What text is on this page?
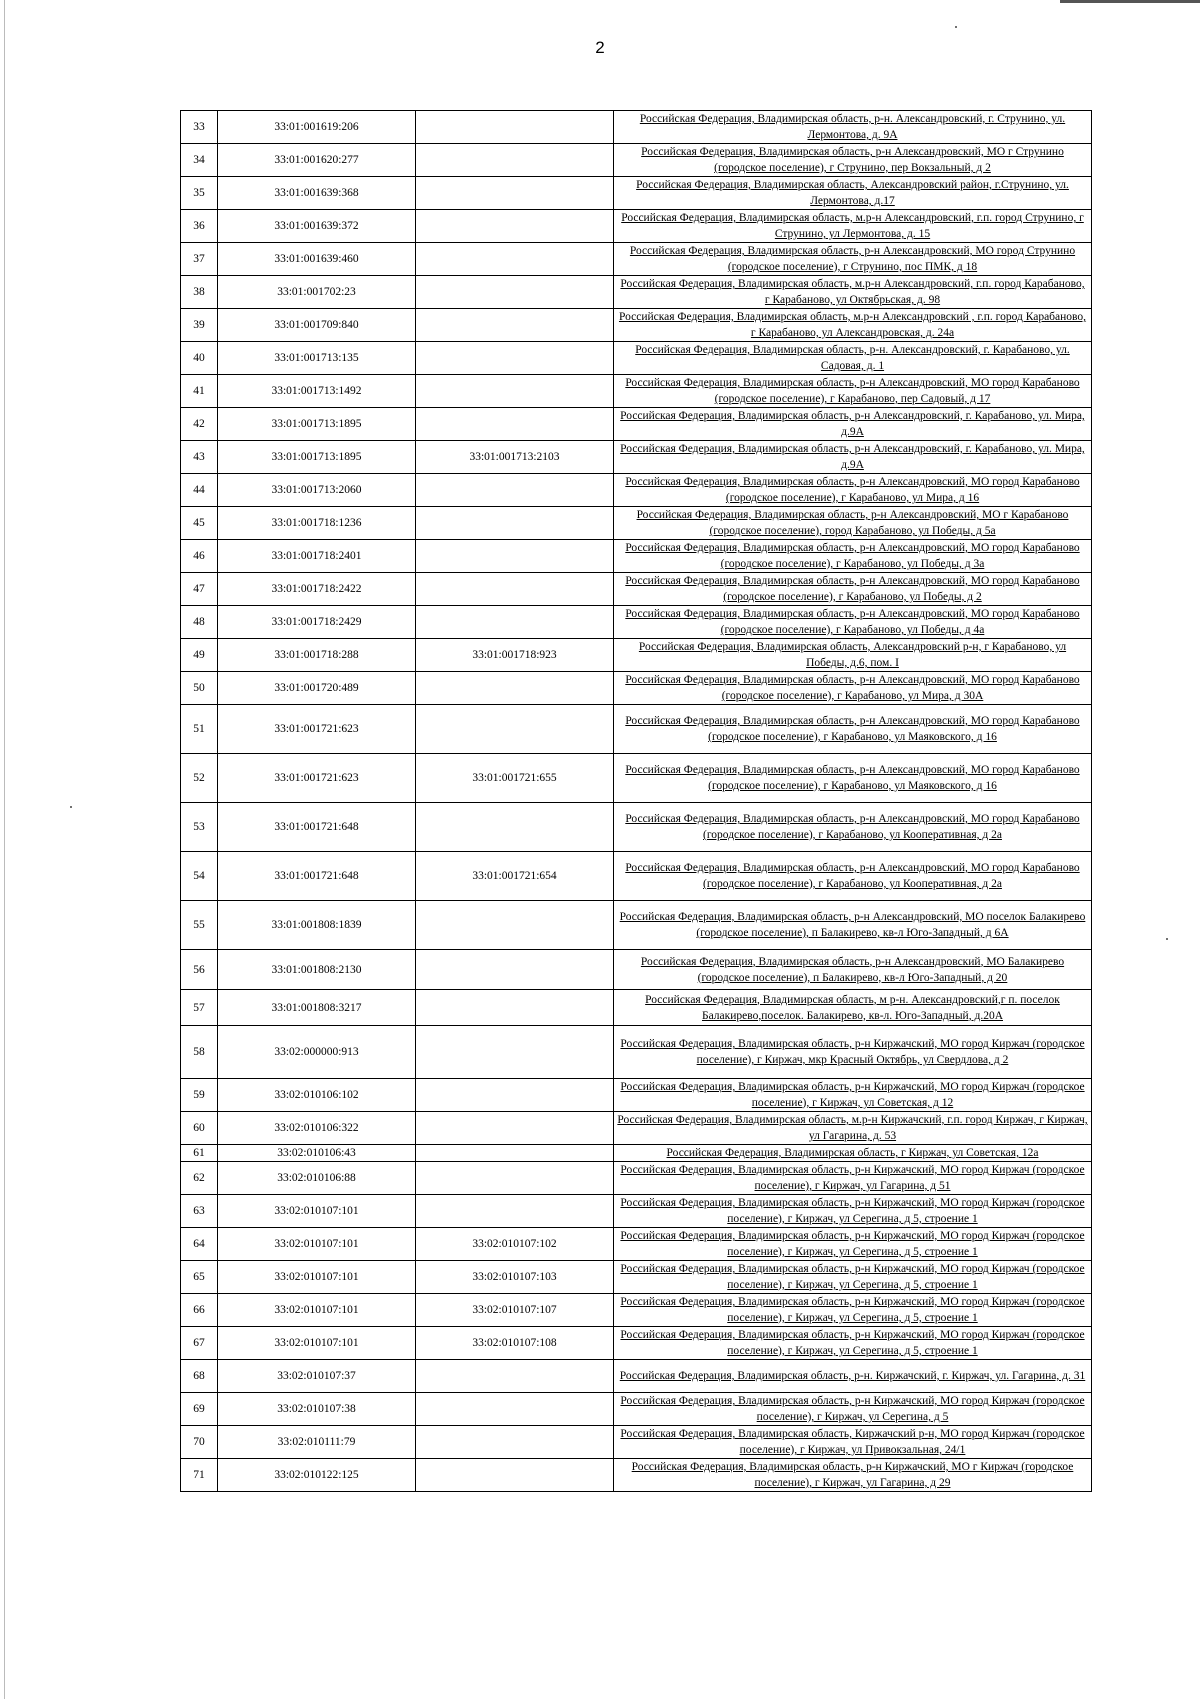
2
33	33:01:001619:206		Российская Федерация, Владимирская область, р-н. Александровский, г. Струнино, ул. Лермонтова, д. 9А

34	33:01:001620:277		Российская Федерация, Владимирская область, р-н Александровский, МО г Струнино (городское поселение), г Струнино, пер Вокзальный, д 2

35	33:01:001639:368		Российская Федерация, Владимирская область, Александровский район, г.Струнино, ул. Лермонтова, д.17

36	33:01:001639:372		Российская Федерация, Владимирская область, м.р-н Александровский, г.п. город Струнино, г Струнино, ул Лермонтова, д. 15

37	33:01:001639:460		Российская Федерация, Владимирская область, р-н Александровский, МО город Струнино (городское поселение), г Струнино, пос ПМК, д 18

38	33:01:001702:23		Российская Федерация, Владимирская область, м.р-н Александровский, г.п. город Карабаново, г Карабаново, ул Октябрьская, д. 98

39	33:01:001709:840		Российская Федерация, Владимирская область, м.р-н Александровский , г.п. город Карабаново, г Карабаново, ул Александровская, д. 24а

40	33:01:001713:135		Российская Федерация, Владимирская область, р-н. Александровский, г. Карабаново, ул. Садовая, д. 1

41	33:01:001713:1492		Российская Федерация, Владимирская область, р-н Александровский, МО город Карабаново (городское поселение), г Карабаново, пер Садовый, д 17

42	33:01:001713:1895		Российская Федерация, Владимирская область, р-н Александровский, г. Карабаново, ул. Мира, д.9А

43	33:01:001713:1895	33:01:001713:2103	Российская Федерация, Владимирская область, р-н Александровский, г. Карабаново, ул. Мира, д.9А

44	33:01:001713:2060		Российская Федерация, Владимирская область, р-н Александровский, МО город Карабаново (городское поселение), г Карабаново, ул Мира, д 16

45	33:01:001718:1236		Российская Федерация, Владимирская область, р-н Александровский, МО г Карабаново (городское поселение), город Карабаново, ул Победы, д 5а

46	33:01:001718:2401		Российская Федерация, Владимирская область, р-н Александровский, МО город Карабаново (городское поселение), г Карабаново, ул Победы, д 3а

47	33:01:001718:2422		Российская Федерация, Владимирская область, р-н Александровский, МО город Карабаново (городское поселение), г Карабаново, ул Победы, д 2

48	33:01:001718:2429		Российская Федерация, Владимирская область, р-н Александровский, МО город Карабаново (городское поселение), г Карабаново, ул Победы, д 4а

49	33:01:001718:288	33:01:001718:923	Российская Федерация, Владимирская область, Александровский р-н, г Карабаново, ул Победы, д.6, пом. I

50	33:01:001720:489		Российская Федерация, Владимирская область, р-н Александровский, МО город Карабаново (городское поселение), г Карабаново, ул Мира, д 30А

51	33:01:001721:623		Российская Федерация, Владимирская область, р-н Александровский, МО город Карабаново (городское поселение), г Карабаново, ул Маяковского, д 16

52	33:01:001721:623	33:01:001721:655	Российская Федерация, Владимирская область, р-н Александровский, МО город Карабаново (городское поселение), г Карабаново, ул Маяковского, д 16

53	33:01:001721:648		Российская Федерация, Владимирская область, р-н Александровский, МО город Карабаново (городское поселение), г Карабаново, ул Кооперативная, д 2а

54	33:01:001721:648	33:01:001721:654	Российская Федерация, Владимирская область, р-н Александровский, МО город Карабаново (городское поселение), г Карабаново, ул Кооперативная, д 2а

55	33:01:001808:1839		Российская Федерация, Владимирская область, р-н Александровский, МО поселок Балакирево (городское поселение), п Балакирево, кв-л Юго-Западный, д 6А

56	33:01:001808:2130		Российская Федерация, Владимирская область, р-н Александровский, МО Балакирево (городское поселение), п Балакирево, кв-л Юго-Западный, д 20

57	33:01:001808:3217		Российская Федерация, Владимирская область, м р-н. Александровский,г п. поселок Балакирево,поселок. Балакирево, кв-л. Юго-Западный, д.20А

58	33:02:000000:913		Российская Федерация, Владимирская область, р-н Киржачский, МО город Киржач (городское поселение), г Киржач, мкр Красный Октябрь, ул Свердлова, д 2

59	33:02:010106:102		Российская Федерация, Владимирская область, р-н Киржачский, МО город Киржач (городское поселение), г Киржач, ул Советская, д 12

60	33:02:010106:322		Российская Федерация, Владимирская область, м.р-н Киржачский, г.п. город Киржач, г Киржач, ул Гагарина, д. 53

61	33:02:010106:43		Российская Федерация, Владимирская область, г Киржач, ул Советская, 12а

62	33:02:010106:88		Российская Федерация, Владимирская область, р-н Киржачский, МО город Киржач (городское поселение), г Киржач, ул Гагарина, д 51

63	33:02:010107:101		Российская Федерация, Владимирская область, р-н Киржачский, МО город Киржач (городское поселение), г Киржач, ул Серегина, д 5, строение 1

64	33:02:010107:101	33:02:010107:102	Российская Федерация, Владимирская область, р-н Киржачский, МО город Киржач (городское поселение), г Киржач, ул Серегина, д 5, строение 1

65	33:02:010107:101	33:02:010107:103	Российская Федерация, Владимирская область, р-н Киржачский, МО город Киржач (городское поселение), г Киржач, ул Серегина, д 5, строение 1

66	33:02:010107:101	33:02:010107:107	Российская Федерация, Владимирская область, р-н Киржачский, МО город Киржач (городское поселение), г Киржач, ул Серегина, д 5, строение 1

67	33:02:010107:101	33:02:010107:108	Российская Федерация, Владимирская область, р-н Киржачский, МО город Киржач (городское поселение), г Киржач, ул Серегина, д 5, строение 1

68	33:02:010107:37		Российская Федерация, Владимирская область, р-н. Киржачский, г. Киржач, ул. Гагарина, д. 31

69	33:02:010107:38		Российская Федерация, Владимирская область, р-н Киржачский, МО город Киржач (городское поселение), г Киржач, ул Серегина, д 5

70	33:02:010111:79		Российская Федерация, Владимирская область, Киржачский р-н, МО город Киржач (городское поселение), г Киржач, ул Привокзальная, 24/1

71	33:02:010122:125		Российская Федерация, Владимирская область, р-н Киржачский, МО г Киржач (городское поселение), г Киржач, ул Гагарина, д 29
